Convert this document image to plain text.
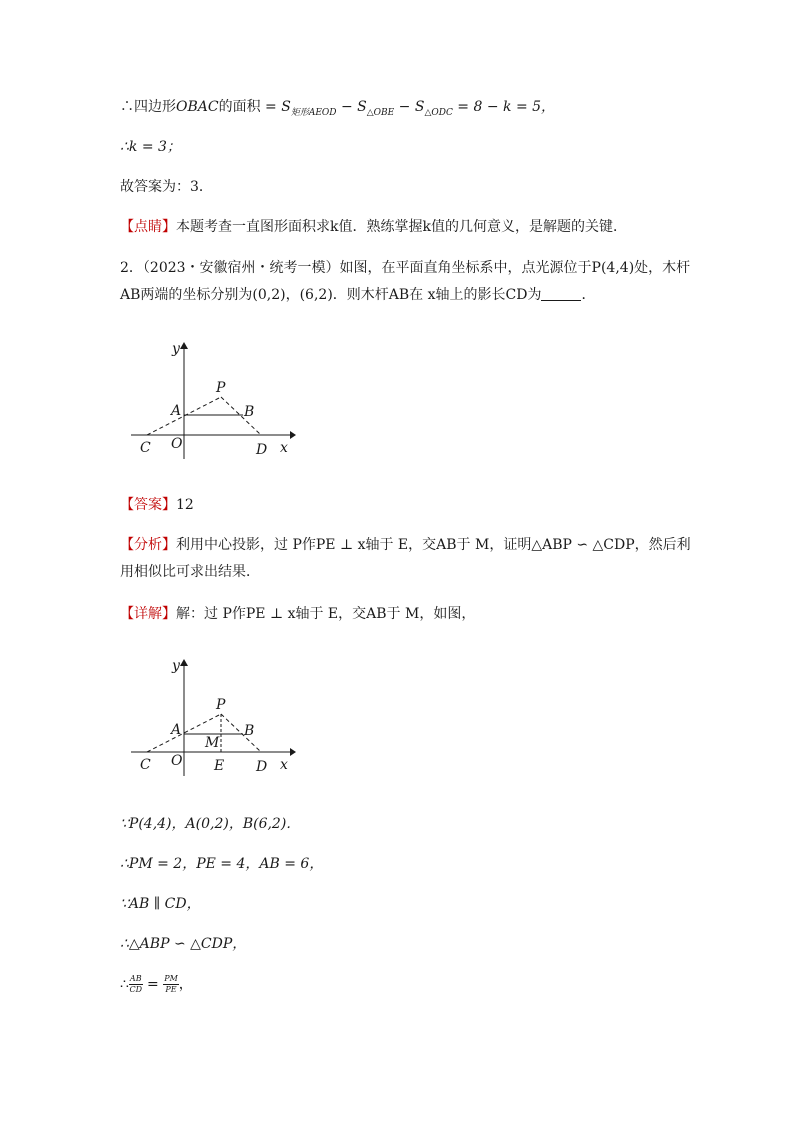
∴四边形OBAC的面积 = $S_{矩形AEOD} - S_{\triangle OBE} - S_{\triangle ODC} = 8 - k = 5$，
∴k = 3；
故答案为：3．
【点睛】本题考查一直图形面积求k值．熟练掌握k值的几何意义，是解题的关键．
2．（2023・安徽宿州・统考一模）如图，在平面直角坐标系中，点光源位于P(4,4)处，木杆
AB两端的坐标分别为(0,2)，(6,2)．则木杆AB在 x轴上的影长CD为	．
y
x
P
A	B
C O	D
【答案】12
【分析】利用中心投影，过 P作PE ⊥ x轴于 E，交AB于 M，证明△ABP ∽ △CDP，然后利
用相似比可求出结果．
【详解】解：过 P作PE ⊥ x轴于 E，交AB于 M，如图，
y
x
P
A	B
M
C O E D
∵P(4,4)，A(0,2)，B(6,2)．
∴PM = 2，PE = 4，AB = 6，
∵AB ∥ CD，
∴△ABP ∽ △CDP，
∴ $\frac{AB}{CD} = \frac{PM}{PE}$ ，
